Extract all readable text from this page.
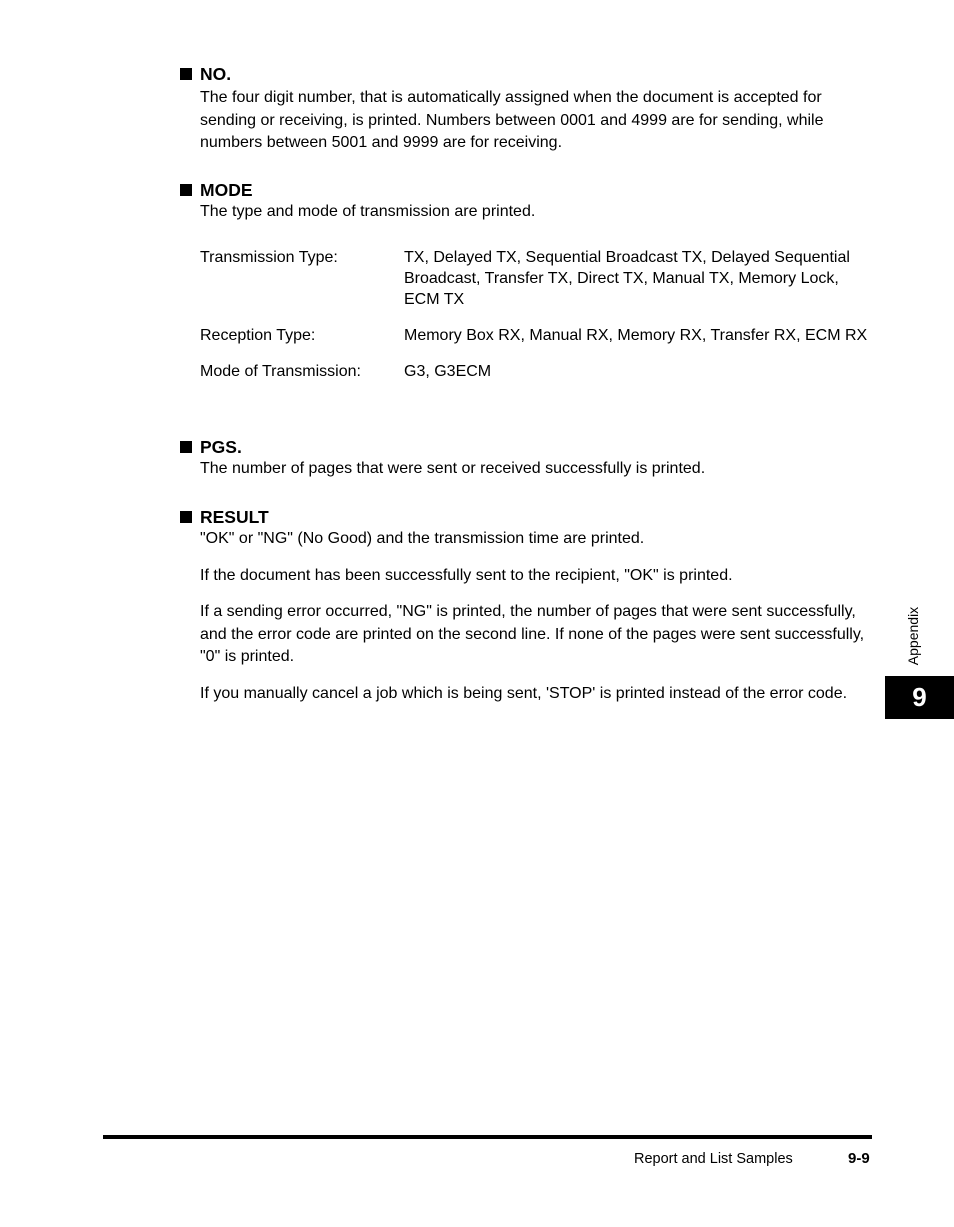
NO.
The four digit number, that is automatically assigned when the document is accepted for sending or receiving, is printed. Numbers between 0001 and 4999 are for sending, while numbers between 5001 and 9999 are for receiving.
MODE
The type and mode of transmission are printed.
Transmission Type:	TX, Delayed TX, Sequential Broadcast TX, Delayed Sequential Broadcast, Transfer TX, Direct TX, Manual TX, Memory Lock, ECM TX
Reception Type:	Memory Box RX, Manual RX, Memory RX, Transfer RX, ECM RX
Mode of Transmission:	G3, G3ECM
PGS.
The number of pages that were sent or received successfully is printed.
RESULT
"OK" or "NG" (No Good) and the transmission time are printed.
If the document has been successfully sent to the recipient, "OK" is printed.
If a sending error occurred, "NG" is printed, the number of pages that were sent successfully, and the error code are printed on the second line. If none of the pages were sent successfully, "0" is printed.
If you manually cancel a job which is being sent, 'STOP' is printed instead of the error code.
Appendix
9
Report and List Samples	9-9
